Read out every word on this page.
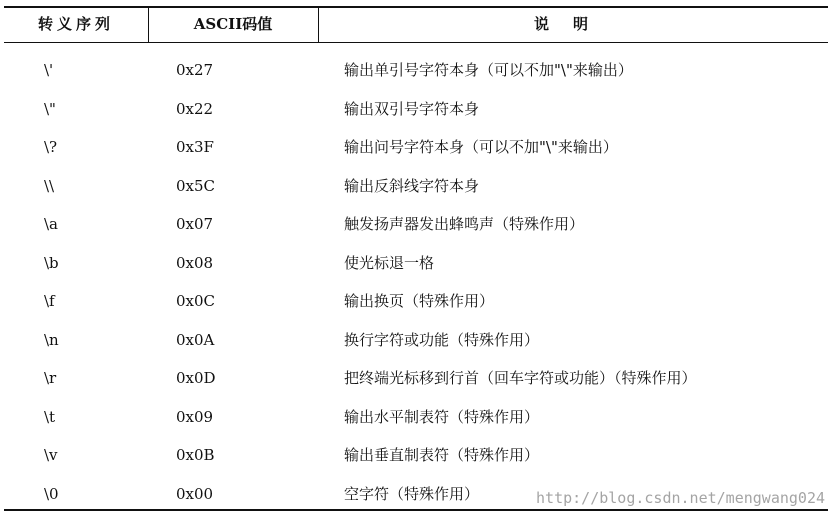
转义序列	ASCII码值	说明
\'	0x27	输出单引号字符本身（可以不加"\"来输出）
\"	0x22	输出双引号字符本身
\?	0x3F	输出问号字符本身（可以不加"\"来输出）
\\	0x5C	输出反斜线字符本身
\a	0x07	触发扬声器发出蜂鸣声（特殊作用）
\b	0x08	使光标退一格
\f	0x0C	输出换页（特殊作用）
\n	0x0A	换行字符或功能（特殊作用）
\r	0x0D	把终端光标移到行首（回车字符或功能）（特殊作用）
\t	0x09	输出水平制表符（特殊作用）
\v	0x0B	输出垂直制表符（特殊作用）
\0	0x00	空字符（特殊作用）	http://blog.csdn.net/mengwang024
